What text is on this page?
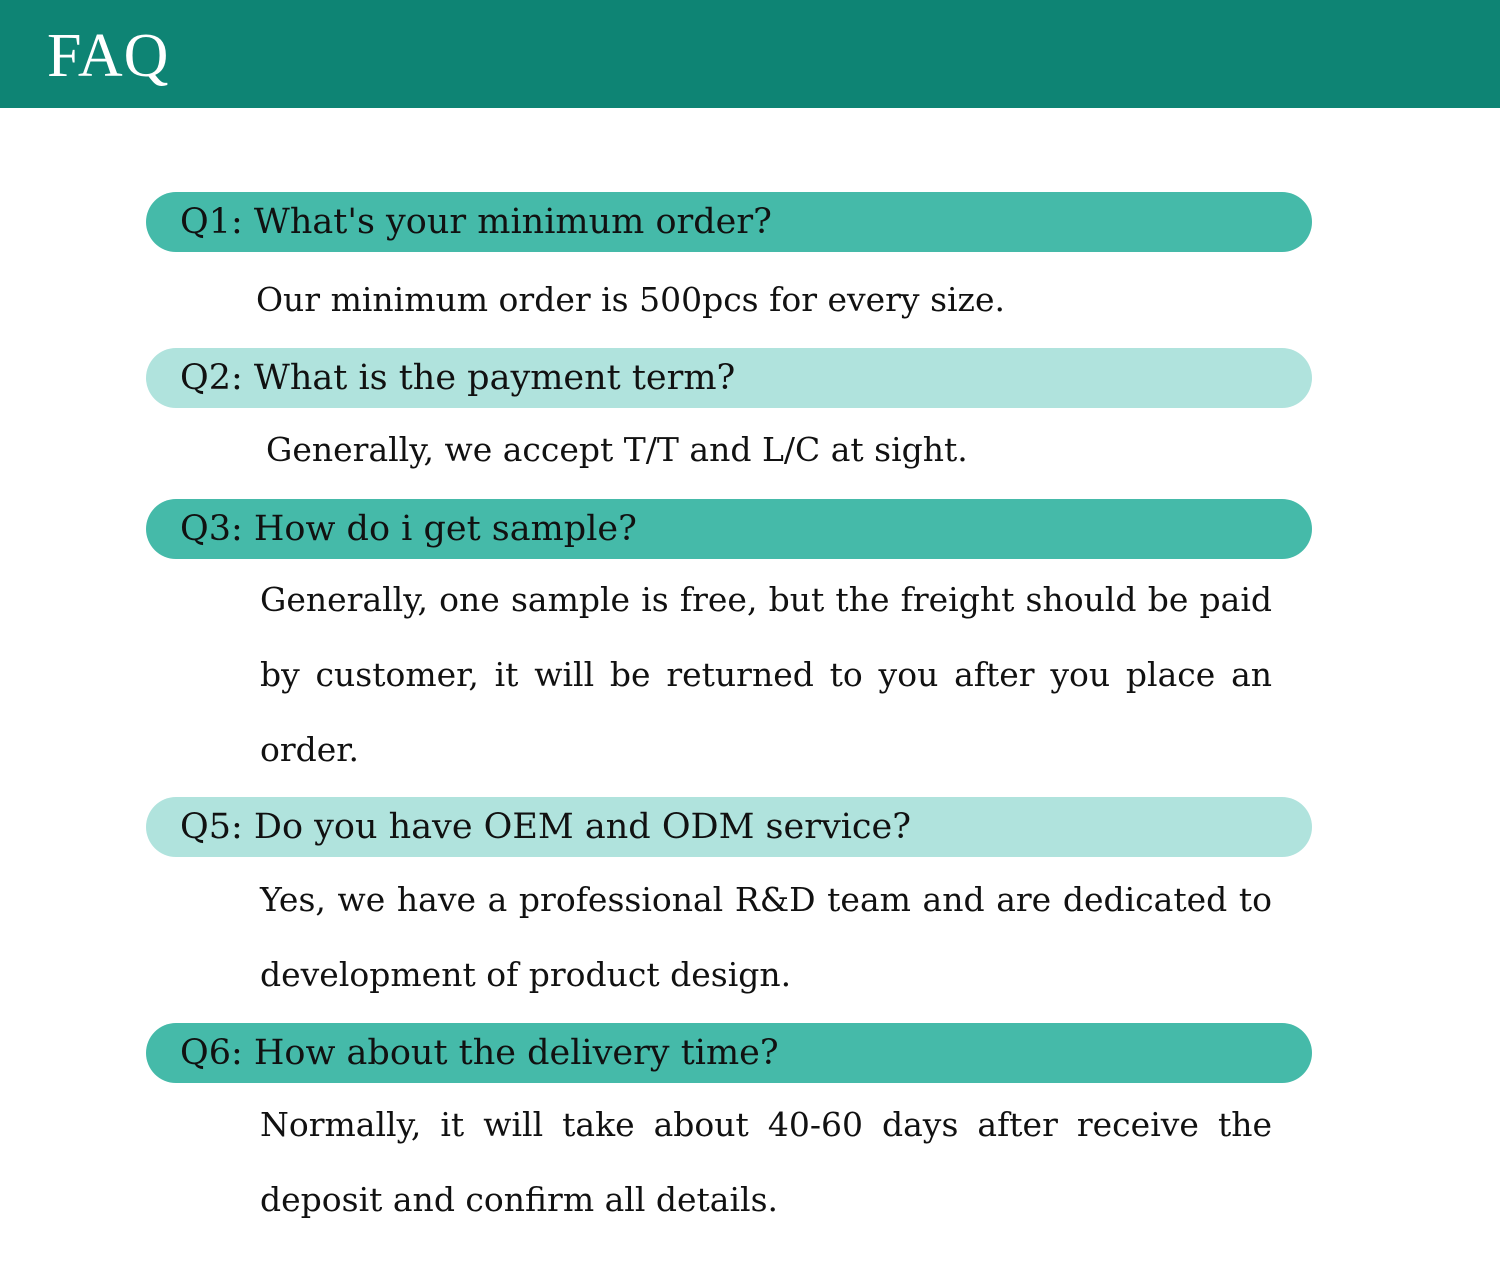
FAQ
Q1: What's your minimum order?
Our minimum order is 500pcs for every size.
Q2: What is the payment term?
Generally, we accept T/T and L/C at sight.
Q3: How do i get sample?
Generally, one sample is free, but the freight should be paid by customer, it will be returned to you after you place an order.
Q5: Do you have OEM and ODM service?
Yes, we have a professional R&D team and are dedicated to development of product design.
Q6: How about the delivery time?
Normally, it will take about 40-60 days after receive the deposit and confirm all details.
